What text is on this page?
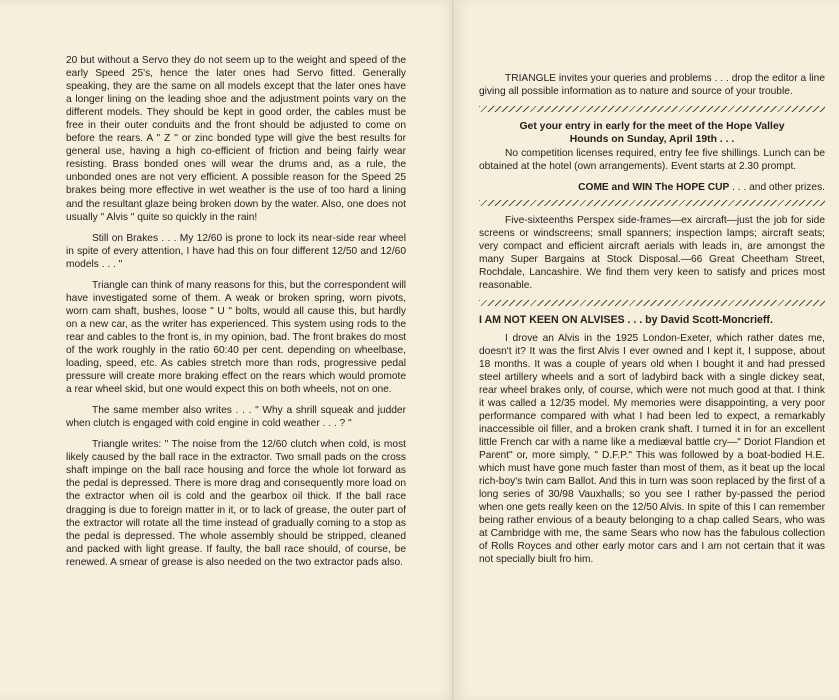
20 but without a Servo they do not seem up to the weight and speed of the early Speed 25's, hence the later ones had Servo fitted. Generally speaking, they are the same on all models except that the later ones have a longer lining on the leading shoe and the adjustment points vary on the different models. They should be kept in good order, the cables must be free in their outer conduits and the front should be adjusted to come on before the rears. A " Z " or zinc bonded type will give the best results for general use, having a high co-efficient of friction and being fairly wear resisting. Brass bonded ones will wear the drums and, as a rule, the unbonded ones are not very efficient. A possible reason for the Speed 25 brakes being more effective in wet weather is the use of too hard a lining and the resultant glaze being broken down by the water. Also, one does not usually " Alvis " quite so quickly in the rain!

Still on Brakes . . . My 12/60 is prone to lock its near-side rear wheel in spite of every attention, I have had this on four different 12/50 and 12/60 models . . . "

Triangle can think of many reasons for this, but the correspondent will have investigated some of them. A weak or broken spring, worn pivots, worn cam shaft, bushes, loose " U " bolts, would all cause this, but hardly on a new car, as the writer has experienced. This system using rods to the rear and cables to the front is, in my opinion, bad. The front brakes do most of the work roughly in the ratio 60:40 per cent. depending on wheelbase, loading, speed, etc. As cables stretch more than rods, progressive pedal pressure will create more braking effect on the rears which would promote a rear wheel skid, but one would expect this on both wheels, not on one.

The same member also writes . . . " Why a shrill squeak and judder when clutch is engaged with cold engine in cold weather . . . ? "

Triangle writes: " The noise from the 12/60 clutch when cold, is most likely caused by the ball race in the extractor. Two small pads on the cross shaft impinge on the ball race housing and force the whole lot forward as the pedal is depressed. There is more drag and consequently more load on the extractor when oil is cold and the gearbox oil thick. If the ball race dragging is due to foreign matter in it, or to lack of grease, the outer part of the extractor will rotate all the time instead of gradually coming to a stop as the pedal is depressed. The whole assembly should be stripped, cleaned and packed with light grease. If faulty, the ball race should, of course, be renewed. A smear of grease is also needed on the two extractor pads also.

TRIANGLE invites your queries and problems . . . drop the editor a line giving all possible information as to nature and source of your trouble.

Get your entry in early for the meet of the Hope Valley

Hounds on Sunday, April 19th . . .

No competition licenses required, entry fee five shillings. Lunch can be obtained at the hotel (own arrangements). Event starts at 2.30 prompt.

COME and WIN The HOPE CUP . . . and other prizes.

Five-sixteenths Perspex side-frames—ex aircraft—just the job for side screens or windscreens; small spanners; inspection lamps; aircraft seats; very compact and efficient aircraft aerials with leads in, are amongst the many Super Bargains at Stock Disposal.—66 Great Cheetham Street, Rochdale, Lancashire. We find them very keen to satisfy and prices most reasonable.

I AM NOT KEEN ON ALVISES . . . by David Scott-Moncrieff.

I drove an Alvis in the 1925 London-Exeter, which rather dates me, doesn't it? It was the first Alvis I ever owned and I kept it, I suppose, about 18 months. It was a couple of years old when I bought it and had pressed steel artillery wheels and a sort of ladybird back with a single dickey seat, rear wheel brakes only, of course, which were not much good at that. I think it was called a 12/35 model. My memories were disappointing, a very poor performance compared with what I had been led to expect, a remarkably inaccessible oil filler, and a broken crank shaft. I turned it in for an excellent little French car with a name like a mediæval battle cry—" Doriot Flandion et Parent" or, more simply, " D.F.P." This was followed by a boat-bodied H.E. which must have gone much faster than most of them, as it beat up the local rich-boy's twin cam Ballot. And this in turn was soon replaced by the first of a long series of 30/98 Vauxhalls; so you see I rather by-passed the period when one gets really keen on the 12/50 Alvis. In spite of this I can remember being rather envious of a beauty belonging to a chap called Sears, who was at Cambridge with me, the same Sears who now has the fabulous collection of Rolls Royces and other early motor cars and I am not certain that it was not specially biult fro him.
